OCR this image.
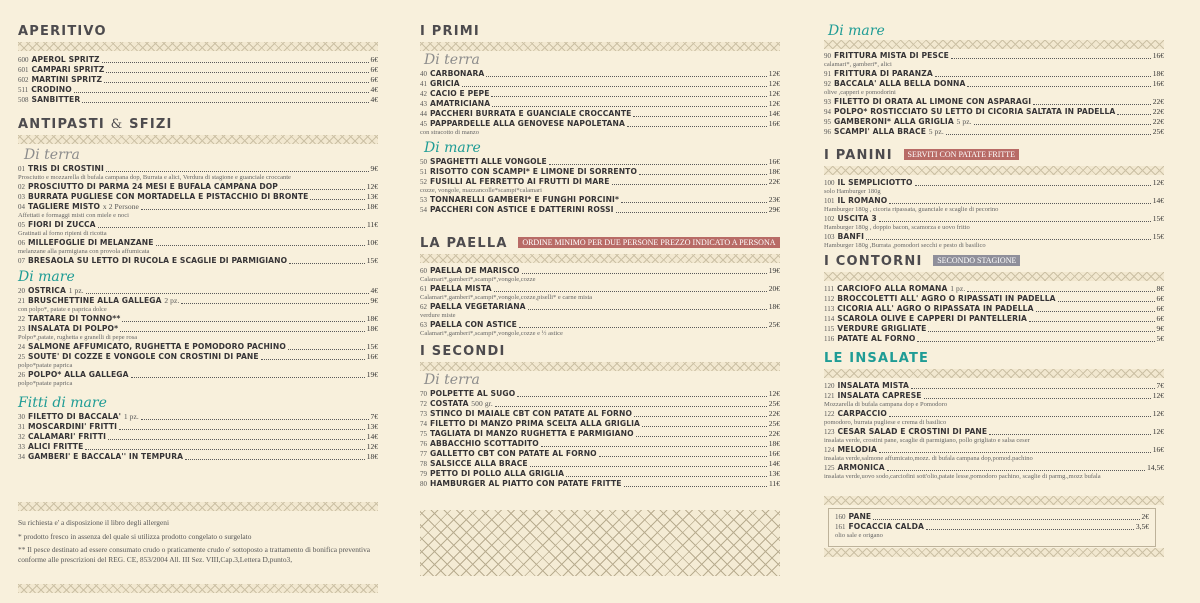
APERITIVO
600 APEROL SPRITZ	6€
601 CAMPARI SPRITZ	6€
602 MARTINI SPRITZ	6€
511 CRODINO	4€
508 SANBITTER	4€
ANTIPASTI & SFIZI
Di terra
01 TRIS DI CROSTINI	9€
Prosciutto e mozzarella di bufala campana dop, Burrata e alici, Verdura di stagione e guanciale croccante
02 PROSCIUTTO DI PARMA 24 MESI E BUFALA CAMPANA DOP	12€
03 BURRATA PUGLIESE CON MORTADELLA E PISTACCHIO DI BRONTE	13€
04 TAGLIERE MISTO x 2 Persone	18€
Affettati e formaggi misti con miele e noci
05 FIORI DI ZUCCA	11€
Gratinati al forno ripieni di ricotta
06 MILLEFOGLIE DI MELANZANE	10€
melanzane alla parmigiana con provola affumicata
07 BRESAOLA SU LETTO DI RUCOLA E SCAGLIE DI PARMIGIANO	15€
Di mare
20 OSTRICA 1 pz.	4€
21 BRUSCHETTINE ALLA GALLEGA 2 pz.	9€
con polpo*, patate e paprica dolce
22 TARTARE DI TONNO**	18€
23 INSALATA DI POLPO*	18€
Polpo*,patate, rughetta e granelli di pepe rosa
24 SALMONE AFFUMICATO, RUGHETTA E POMODORO PACHINO	15€
25 SOUTE' DI COZZE E VONGOLE CON CROSTINI DI PANE	16€
polpo*patate paprica
26 POLPO* ALLA GALLEGA	19€
polpo*patate paprica
Fitti di mare
30 FILETTO DI BACCALA' 1 pz.	7€
31 MOSCARDINI' FRITTI	13€
32 CALAMARI' FRITTI	14€
33 ALICI FRITTE	12€
34 GAMBERI' E BACCALA'' IN TEMPURA	18€
Su richiesta e' a disposizione il libro degli allergeni
* prodotto fresco in assenza del quale si utilizza prodotto congelato o surgelato
** Il pesce destinato ad essere consumato crudo o praticamente crudo e' sottoposto a trattamento di bonifica preventiva conforme alle prescrizioni del REG. CE, 853/2004 All. III Sez. VIII,Cap.3,Lettera D,punto3,
I PRIMI
Di terra
40 CARBONARA	12€
41 GRICIA	12€
42 CACIO E PEPE	12€
43 AMATRICIANA	12€
44 PACCHERI BURRATA E GUANCIALE CROCCANTE	14€
45 PAPPARDELLE ALLA GENOVESE NAPOLETANA	16€
con stracotto di manzo
Di mare
50 SPAGHETTI ALLE VONGOLE	16€
51 RISOTTO CON SCAMPI* E LIMONE DI SORRENTO	18€
52 FUSILLI AL FERRETTO AI FRUTTI DI MARE	22€
cozze, vongole, mazzancolle*scampi*calamari
53 TONNARELLI GAMBERI* E FUNGHI PORCINI*	23€
54 PACCHERI CON ASTICE E DATTERINI ROSSI	29€
LA PAELLA ORDINE MINIMO PER DUE PERSONE PREZZO INDICATO A PERSONA
60 PAELLA DE MARISCO	19€
Calamari*,gamberi*,scampi*,vongole,cozze
61 PAELLA MISTA	20€
Calamari*,gamberi*,scampi*,vongole,cozze,piselli* e carne mista
62 PAELLA VEGETARIANA	18€
verdure miste
63 PAELLA CON ASTICE	25€
Calamari*,gamberi*,scampi*,vongole,cozze e ½ astice
I SECONDI
Di terra
70 POLPETTE AL SUGO	12€
72 COSTATA 500 gr.	25€
73 STINCO DI MAIALE CBT CON PATATE AL FORNO	22€
74 FILETTO DI MANZO PRIMA SCELTA ALLA GRIGLIA	25€
75 TAGLIATA DI MANZO RUGHETTA E PARMIGIANO	22€
76 ABBACCHIO SCOTTADITO	18€
77 GALLETTO CBT CON PATATE AL FORNO	16€
78 SALSICCE ALLA BRACE	14€
79 PETTO DI POLLO ALLA GRIGLIA	13€
80 HAMBURGER AL PIATTO CON PATATE FRITTE	11€
Di mare
90 FRITTURA MISTA DI PESCE	16€
calamari*, gamberi*, alici
91 FRITTURA DI PARANZA	18€
92 BACCALA' ALLA BELLA DONNA	16€
olive ,capperi e pomodorini
93 FILETTO DI ORATA AL LIMONE CON ASPARAGI	22€
94 POLPO* ROSTICCIATO SU LETTO DI CICORIA SALTATA IN PADELLA	22€
95 GAMBERONI* ALLA GRIGLIA 5 pz.	22€
96 SCAMPI' ALLA BRACE 5 pz.	25€
I PANINI SERVITI CON PATATE FRITTE
100 IL SEMPLICIOTTO	12€
solo Hamburger 180g
101 IL ROMANO	14€
Hamburger 180g , cicoria ripassata, guanciale e scaglie di pecorino
102 USCITA 3	15€
Hamburger 180g , doppio bacon, scamorza e uovo fritto
103 BANFI	15€
Hamburger 180g ,Burrata ,pomodori secchi e pesto di basilico
I CONTORNI SECONDO STAGIONE
111 CARCIOFO ALLA ROMANA 1 pz.	8€
112 BROCCOLETTI ALL' AGRO O RIPASSATI IN PADELLA	6€
113 CICORIA ALL' AGRO O RIPASSATA IN PADELLA	6€
114 SCAROLA OLIVE E CAPPERI DI PANTELLERIA	6€
115 VERDURE GRIGLIATE	9€
116 PATATE AL FORNO	5€
LE INSALATE
120 INSALATA MISTA	7€
121 INSALATA CAPRESE	12€
Mozzarella di bufala campana dop e Pomodoro
122 CARPACCIO	12€
pomodoro, burrata pugliese e crema di basilico
123 CESAR SALAD E CROSTINI DI PANE	12€
insalata verde, crostini pane, scaglie di parmigiano, pollo grigliato e salsa ceser
124 MELODIA	16€
insalata verde,salmone affumicato,mozz. di bufala campana dop,pomod.pachino
125 ARMONICA	14,5€
insalata verde,uovo sodo,carciofini sott'olio,patate lesse,pomodoro pachino, scaglie di parmg.,mozz bufala
160 PANE	2€
161 FOCACCIA CALDA	3,5€
olio sale e origano
